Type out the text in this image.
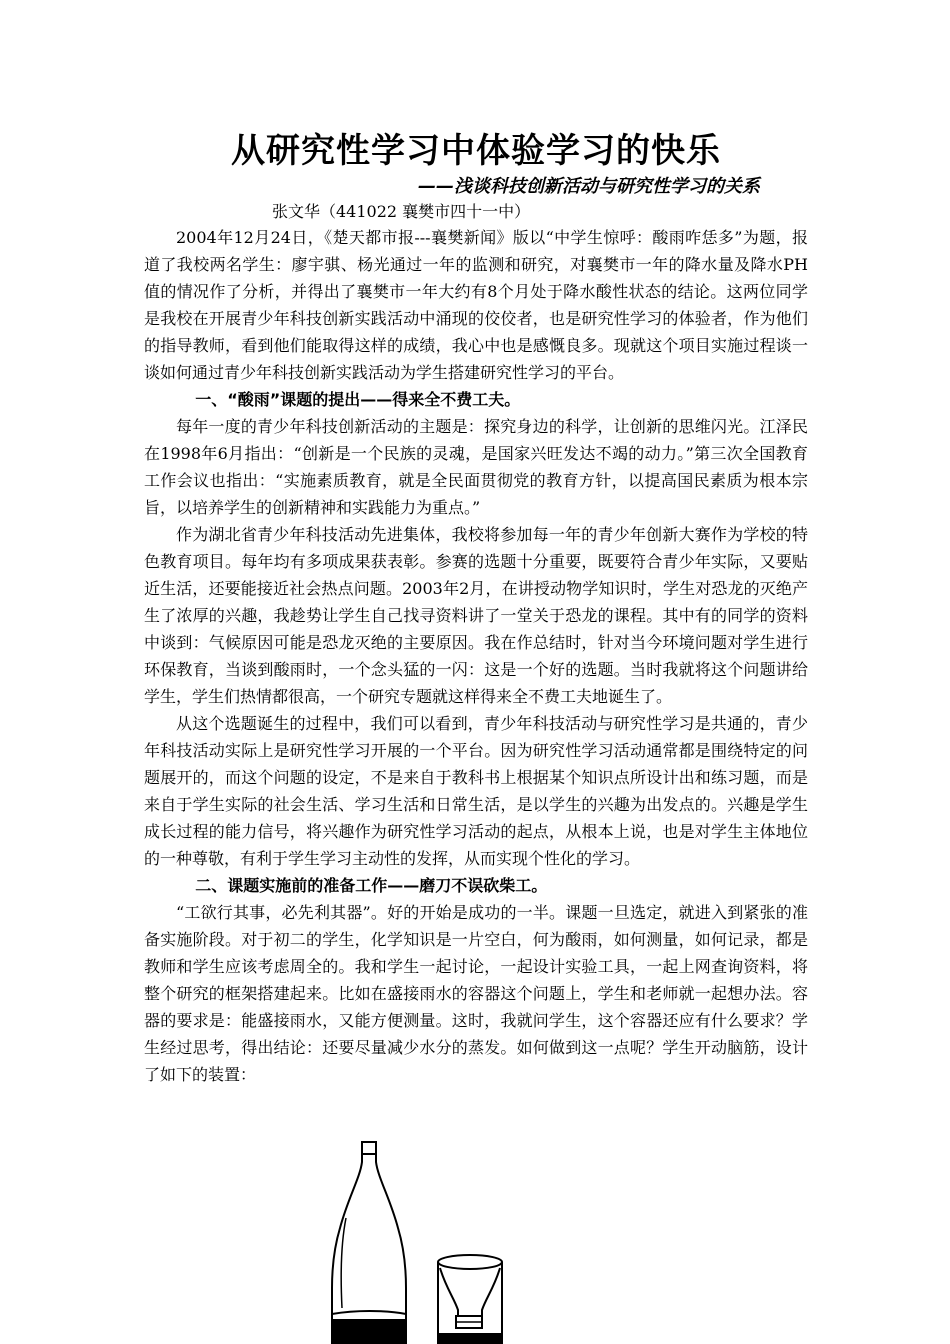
从研究性学习中体验学习的快乐
——浅谈科技创新活动与研究性学习的关系
张文华（441022 襄樊市四十一中）

2004年12月24日，《楚天都市报---襄樊新闻》版以“中学生惊呼：酸雨咋恁多”为题，报道了我校两名学生：廖宇骐、杨光通过一年的监测和研究，对襄樊市一年的降水量及降水PH值的情况作了分析，并得出了襄樊市一年大约有8个月处于降水酸性状态的结论。这两位同学是我校在开展青少年科技创新实践活动中涌现的佼佼者，也是研究性学习的体验者，作为他们的指导教师，看到他们能取得这样的成绩，我心中也是感慨良多。现就这个项目实施过程谈一谈如何通过青少年科技创新实践活动为学生搭建研究性学习的平台。

一、“酸雨”课题的提出——得来全不费工夫。

每年一度的青少年科技创新活动的主题是：探究身边的科学，让创新的思维闪光。江泽民在1998年6月指出：“创新是一个民族的灵魂，是国家兴旺发达不竭的动力。”第三次全国教育工作会议也指出：“实施素质教育，就是全民面贯彻党的教育方针，以提高国民素质为根本宗旨，以培养学生的创新精神和实践能力为重点。”

作为湖北省青少年科技活动先进集体，我校将参加每一年的青少年创新大赛作为学校的特色教育项目。每年均有多项成果获表彰。参赛的选题十分重要，既要符合青少年实际，又要贴近生活，还要能接近社会热点问题。2003年2月，在讲授动物学知识时，学生对恐龙的灭绝产生了浓厚的兴趣，我趁势让学生自己找寻资料讲了一堂关于恐龙的课程。其中有的同学的资料中谈到：气候原因可能是恐龙灭绝的主要原因。我在作总结时，针对当今环境问题对学生进行环保教育，当谈到酸雨时，一个念头猛的一闪：这是一个好的选题。当时我就将这个问题讲给学生，学生们热情都很高，一个研究专题就这样得来全不费工夫地诞生了。

从这个选题诞生的过程中，我们可以看到，青少年科技活动与研究性学习是共通的，青少年科技活动实际上是研究性学习开展的一个平台。因为研究性学习活动通常都是围绕特定的问题展开的，而这个问题的设定，不是来自于教科书上根据某个知识点所设计出和练习题，而是来自于学生实际的社会生活、学习生活和日常生活，是以学生的兴趣为出发点的。兴趣是学生成长过程的能力信号，将兴趣作为研究性学习活动的起点，从根本上说，也是对学生主体地位的一种尊敬，有利于学生学习主动性的发挥，从而实现个性化的学习。

二、课题实施前的准备工作——磨刀不误砍柴工。

“工欲行其事，必先利其器”。好的开始是成功的一半。课题一旦选定，就进入到紧张的准备实施阶段。对于初二的学生，化学知识是一片空白，何为酸雨，如何测量，如何记录，都是教师和学生应该考虑周全的。我和学生一起讨论，一起设计实验工具，一起上网查询资料，将整个研究的框架搭建起来。比如在盛接雨水的容器这个问题上，学生和老师就一起想办法。容器的要求是：能盛接雨水，又能方便测量。这时，我就问学生，这个容器还应有什么要求？学生经过思考，得出结论：还要尽量减少水分的蒸发。如何做到这一点呢？学生开动脑筋，设计了如下的装置：
